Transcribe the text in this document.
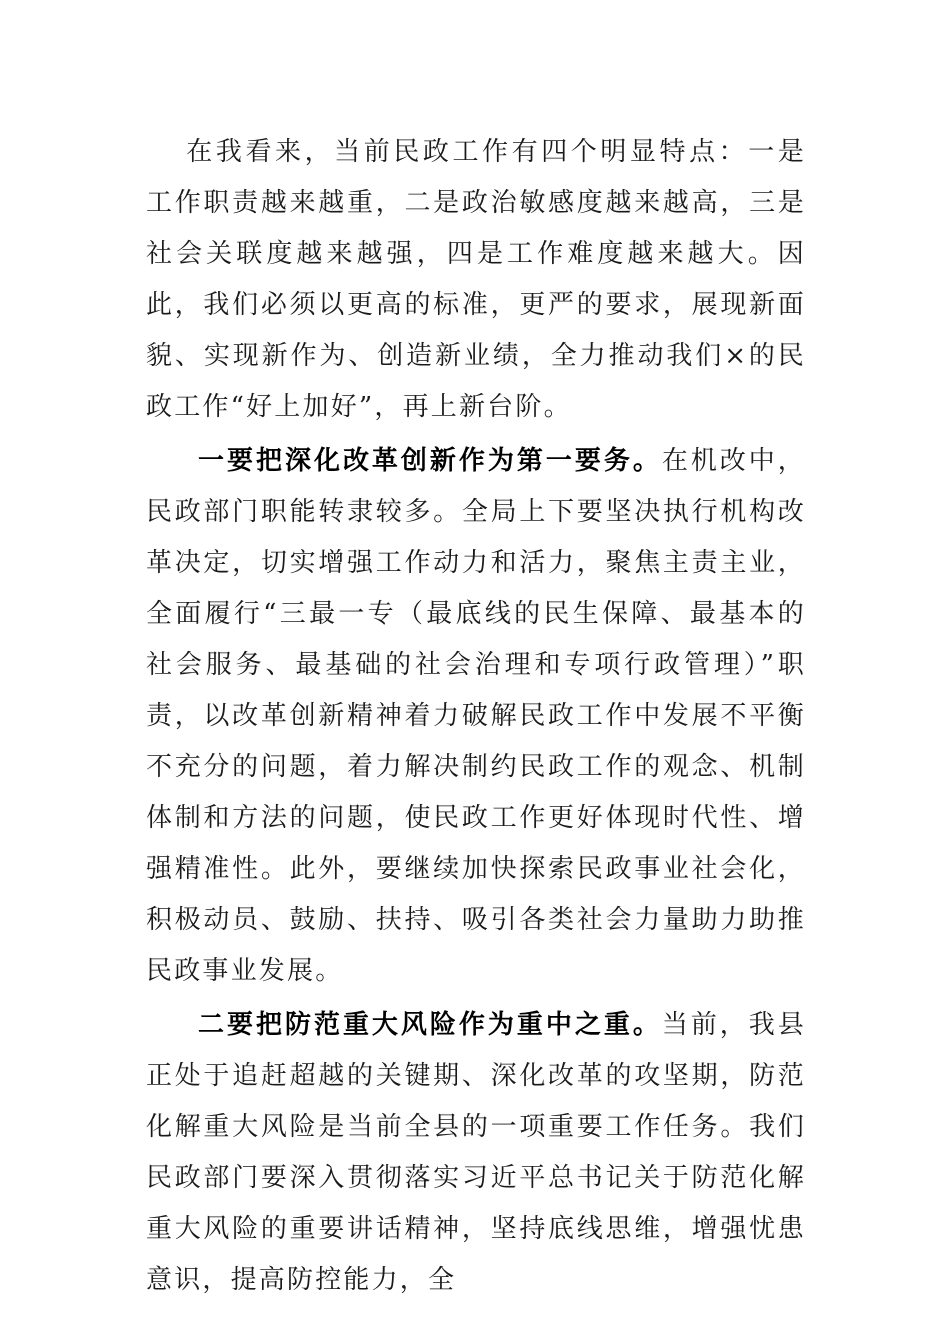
在我看来，当前民政工作有四个明显特点：一是工作职责越来越重，二是政治敏感度越来越高，三是社会关联度越来越强，四是工作难度越来越大。因此，我们必须以更高的标准，更严的要求，展现新面貌、实现新作为、创造新业绩，全力推动我们×的民政工作“好上加好”，再上新台阶。

一要把深化改革创新作为第一要务。在机改中，民政部门职能转隶较多。全局上下要坚决执行机构改革决定，切实增强工作动力和活力，聚焦主责主业，全面履行“三最一专（最底线的民生保障、最基本的社会服务、最基础的社会治理和专项行政管理）”职责，以改革创新精神着力破解民政工作中发展不平衡不充分的问题，着力解决制约民政工作的观念、机制体制和方法的问题，使民政工作更好体现时代性、增强精准性。此外，要继续加快探索民政事业社会化，积极动员、鼓励、扶持、吸引各类社会力量助力助推民政事业发展。

二要把防范重大风险作为重中之重。当前，我县正处于追赶超越的关键期、深化改革的攻坚期，防范化解重大风险是当前全县的一项重要工作任务。我们民政部门要深入贯彻落实习近平总书记关于防范化解重大风险的重要讲话精神，坚持底线思维，增强忧患意识，提高防控能力，全
